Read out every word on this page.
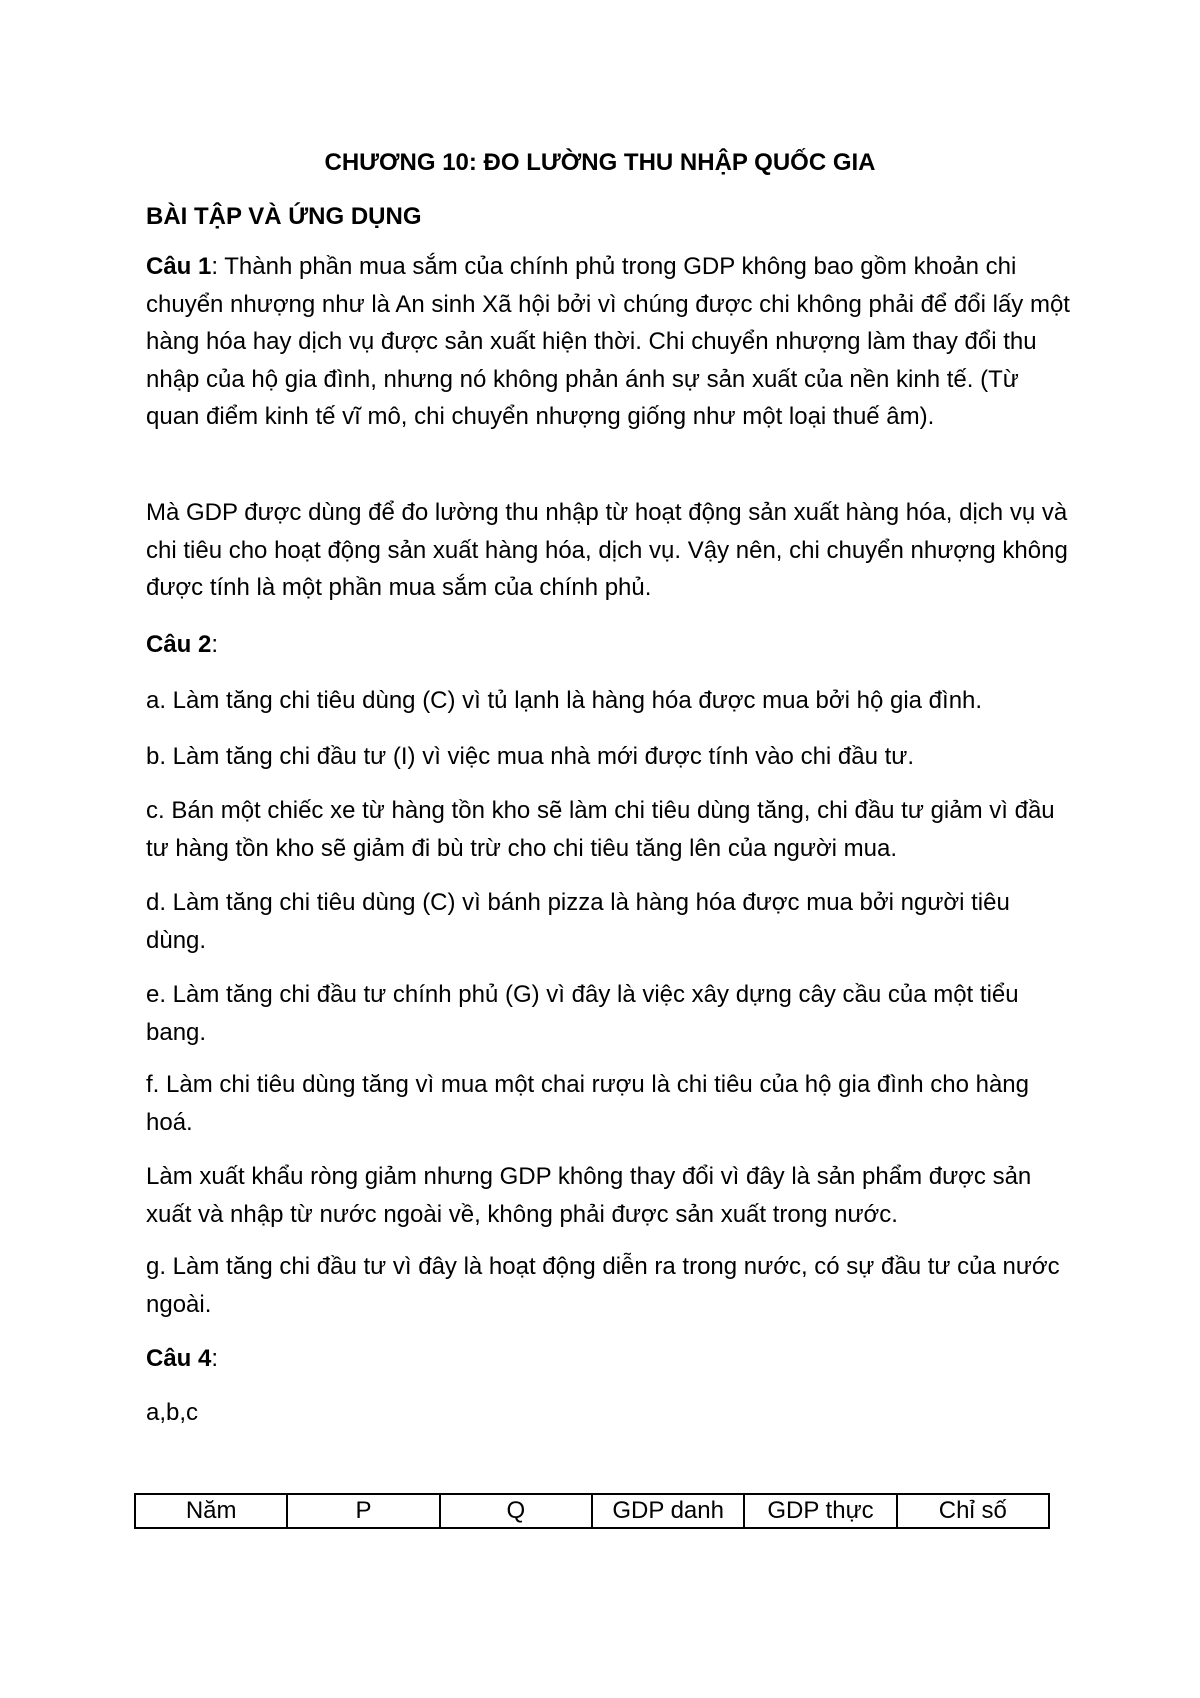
CHƯƠNG 10: ĐO LƯỜNG THU NHẬP QUỐC GIA
BÀI TẬP VÀ ỨNG DỤNG

Câu 1: Thành phần mua sắm của chính phủ trong GDP không bao gồm khoản chi chuyển nhượng như là An sinh Xã hội bởi vì chúng được chi không phải để đổi lấy một hàng hóa hay dịch vụ được sản xuất hiện thời. Chi chuyển nhượng làm thay đổi thu nhập của hộ gia đình, nhưng nó không phản ánh sự sản xuất của nền kinh tế. (Từ quan điểm kinh tế vĩ mô, chi chuyển nhượng giống như một loại thuế âm).

Mà GDP được dùng để đo lường thu nhập từ hoạt động sản xuất hàng hóa, dịch vụ và chi tiêu cho hoạt động sản xuất hàng hóa, dịch vụ. Vậy nên, chi chuyển nhượng không được tính là một phần mua sắm của chính phủ.

Câu 2:

a. Làm tăng chi tiêu dùng (C) vì tủ lạnh là hàng hóa được mua bởi hộ gia đình.

b. Làm tăng chi đầu tư (I) vì việc mua nhà mới được tính vào chi đầu tư.

c. Bán một chiếc xe từ hàng tồn kho sẽ làm chi tiêu dùng tăng, chi đầu tư giảm vì đầu tư hàng tồn kho sẽ giảm đi bù trừ cho chi tiêu tăng lên của người mua.

d. Làm tăng chi tiêu dùng (C) vì bánh pizza là hàng hóa được mua bởi người tiêu dùng.

e. Làm tăng chi đầu tư chính phủ (G) vì đây là việc xây dựng cây cầu của một tiểu bang.

f. Làm chi tiêu dùng tăng vì mua một chai rượu là chi tiêu của hộ gia đình cho hàng hoá.

Làm xuất khẩu ròng giảm nhưng GDP không thay đổi vì đây là sản phẩm được sản xuất và nhập từ nước ngoài về, không phải được sản xuất trong nước.

g. Làm tăng chi đầu tư vì đây là hoạt động diễn ra trong nước, có sự đầu tư của nước ngoài.

Câu 4:

a,b,c

Năm	P	Q	GDP danh	GDP thực	Chỉ số
